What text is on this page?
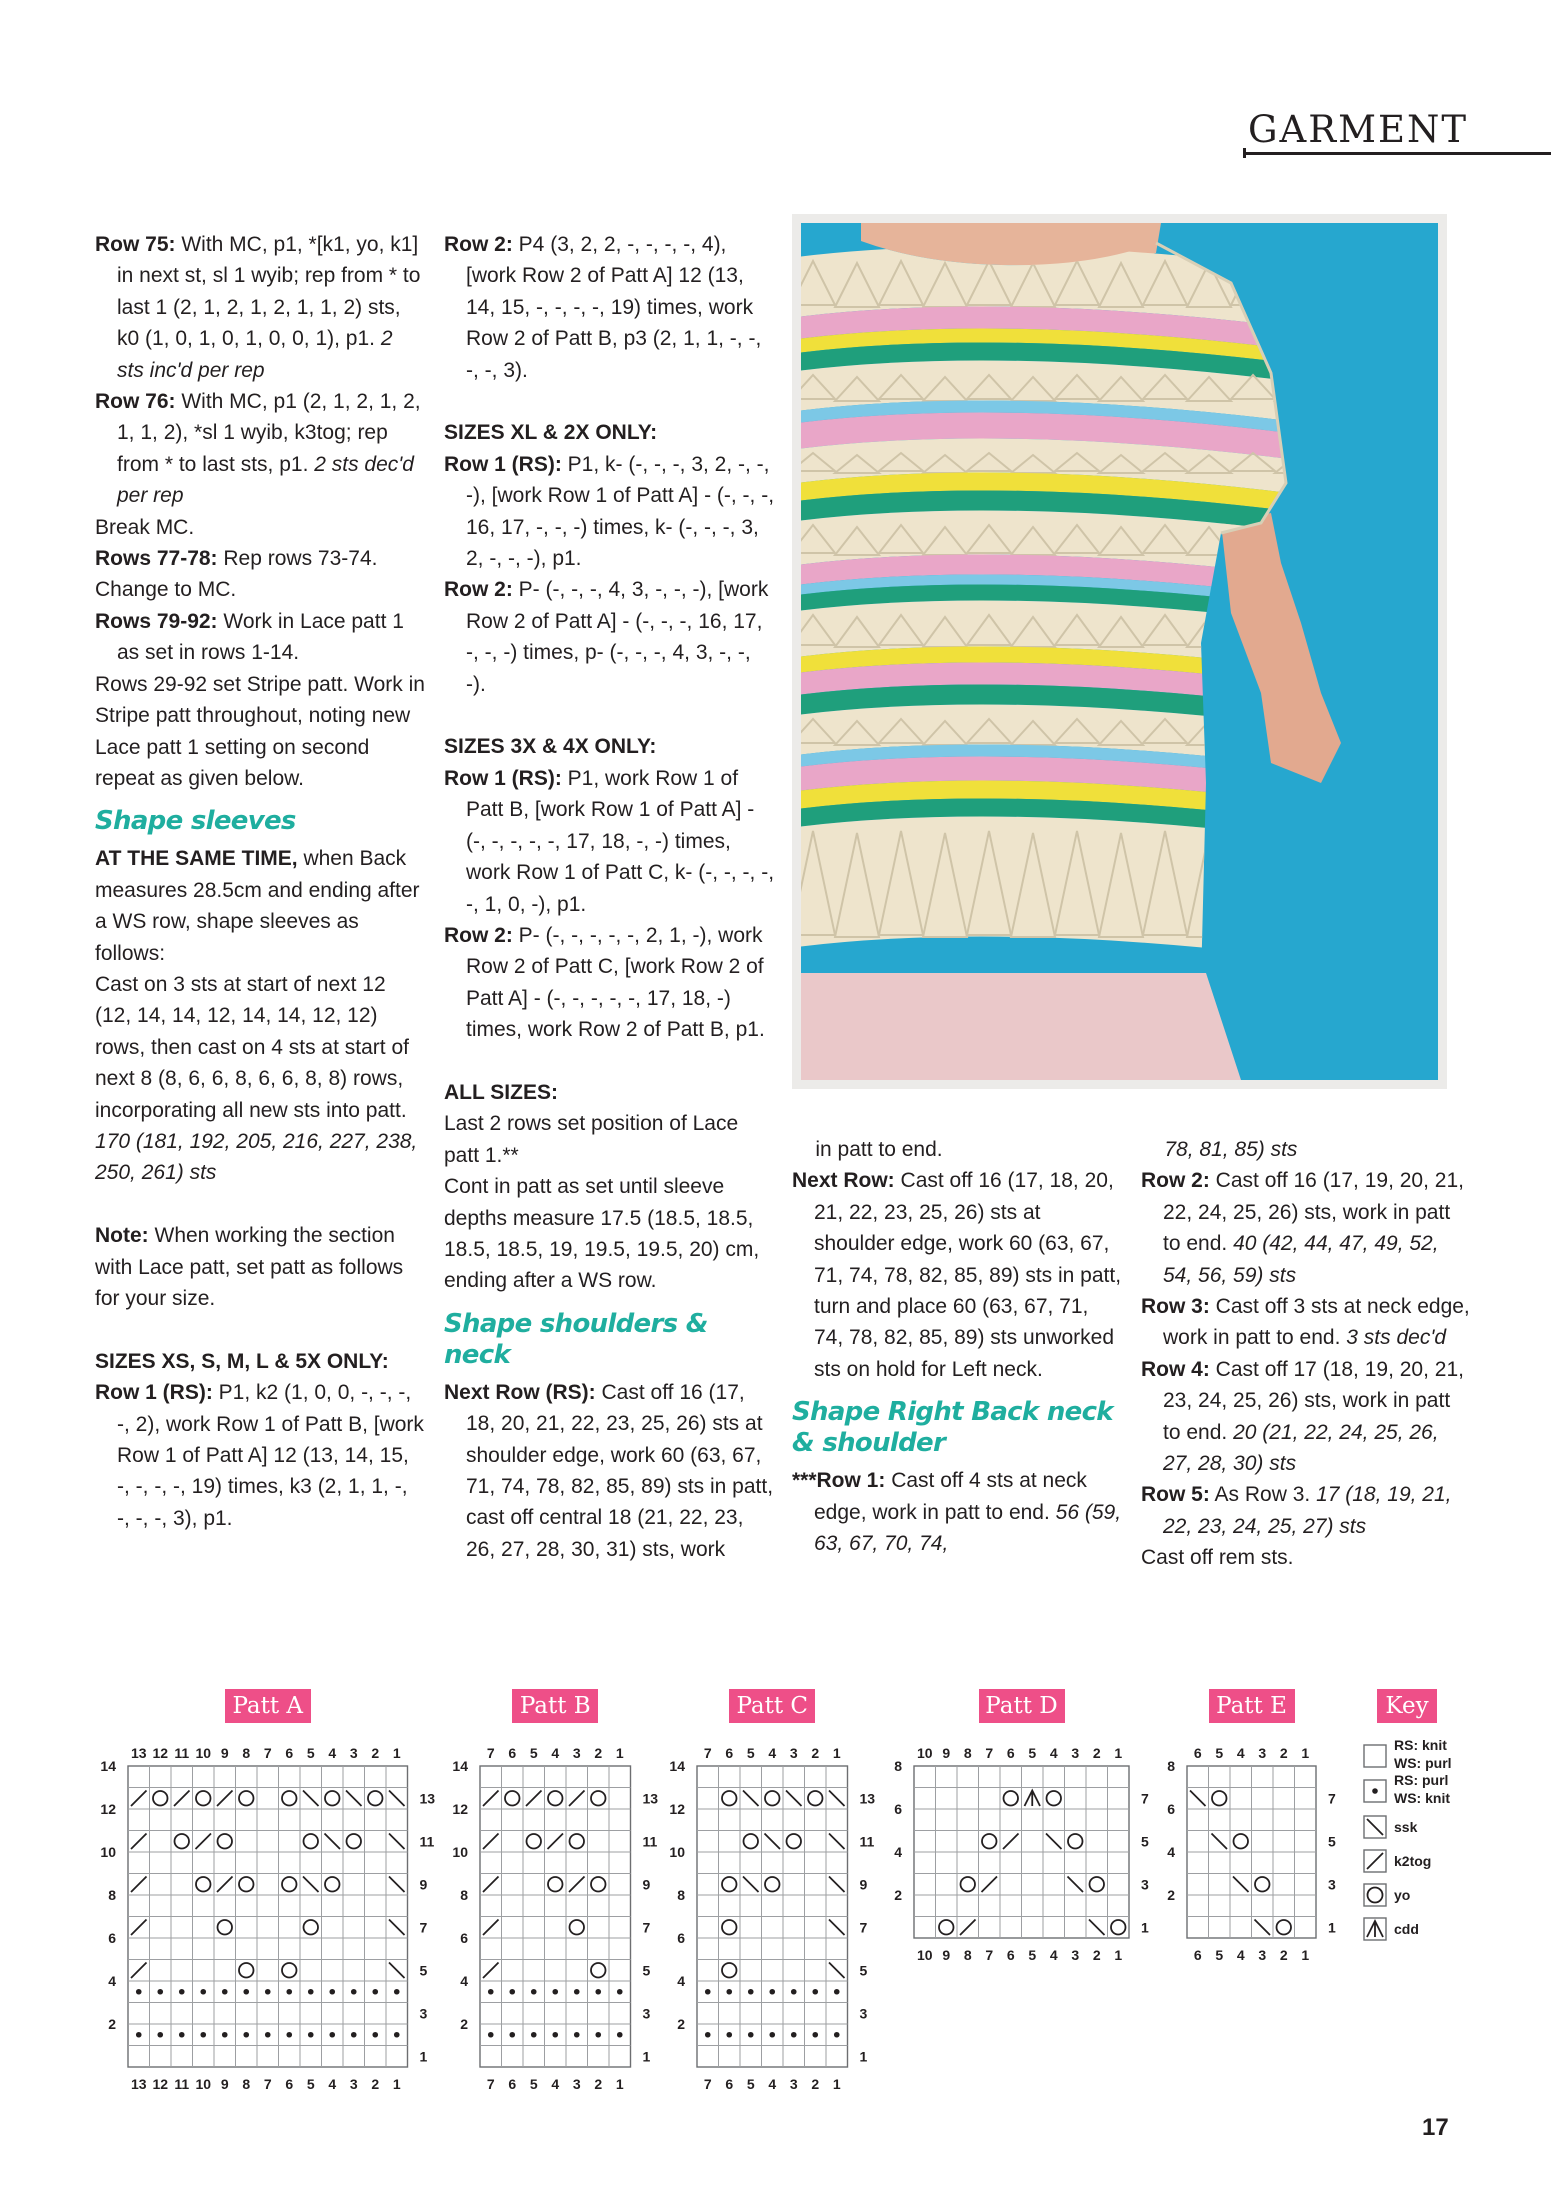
GARMENT

Row 75: With MC, p1, *[k1, yo, k1] in next st, sl 1 wyib; rep from * to last 1 (2, 1, 2, 1, 2, 1, 1, 2) sts, k0 (1, 0, 1, 0, 1, 0, 0, 1), p1. 2 sts inc'd per rep

Row 76: With MC, p1 (2, 1, 2, 1, 2, 1, 1, 2), *sl 1 wyib, k3tog; rep from * to last sts, p1. 2 sts dec'd per rep

Break MC.

Rows 77-78: Rep rows 73-74.

Change to MC.

Rows 79-92: Work in Lace patt 1 as set in rows 1-14.

Rows 29-92 set Stripe patt. Work in Stripe patt throughout, noting new Lace patt 1 setting on second repeat as given below.

Shape sleeves

AT THE SAME TIME, when Back measures 28.5cm and ending after a WS row, shape sleeves as follows:

Cast on 3 sts at start of next 12 (12, 14, 14, 12, 14, 14, 12, 12) rows, then cast on 4 sts at start of next 8 (8, 6, 6, 8, 6, 6, 8, 8) rows, incorporating all new sts into patt. 170 (181, 192, 205, 216, 227, 238, 250, 261) sts

Note: When working the section with Lace patt, set patt as follows for your size.

SIZES XS, S, M, L & 5X ONLY:

Row 1 (RS): P1, k2 (1, 0, 0, -, -, -, -, 2), work Row 1 of Patt B, [work Row 1 of Patt A] 12 (13, 14, 15, -, -, -, -, 19) times, k3 (2, 1, 1, -, -, -, -, 3), p1.

Row 2: P4 (3, 2, 2, -, -, -, -, 4), [work Row 2 of Patt A] 12 (13, 14, 15, -, -, -, -, 19) times, work Row 2 of Patt B, p3 (2, 1, 1, -, -, -, -, 3).

SIZES XL & 2X ONLY:

Row 1 (RS): P1, k- (-, -, -, 3, 2, -, -, -), [work Row 1 of Patt A] - (-, -, -, 16, 17, -, -, -) times, k- (-, -, -, 3, 2, -, -, -), p1.

Row 2: P- (-, -, -, 4, 3, -, -, -), [work Row 2 of Patt A] - (-, -, -, 16, 17, -, -, -) times, p- (-, -, -, 4, 3, -, -, -).

SIZES 3X & 4X ONLY:

Row 1 (RS): P1, work Row 1 of Patt B, [work Row 1 of Patt A] - (-, -, -, -, -, 17, 18, -, -) times, work Row 1 of Patt C, k- (-, -, -, -, -, 1, 0, -), p1.

Row 2: P- (-, -, -, -, -, 2, 1, -), work Row 2 of Patt C, [work Row 2 of Patt A] - (-, -, -, -, -, 17, 18, -) times, work Row 2 of Patt B, p1.

ALL SIZES:

Last 2 rows set position of Lace patt 1.**

Cont in patt as set until sleeve depths measure 17.5 (18.5, 18.5, 18.5, 18.5, 19, 19.5, 19.5, 20) cm, ending after a WS row.

Shape shoulders & neck

Next Row (RS): Cast off 16 (17, 18, 20, 21, 22, 23, 25, 26) sts at shoulder edge, work 60 (63, 67, 71, 74, 78, 82, 85, 89) sts in patt, cast off central 18 (21, 22, 23, 26, 27, 28, 30, 31) sts, work

in patt to end.

Next Row: Cast off 16 (17, 18, 20, 21, 22, 23, 25, 26) sts at shoulder edge, work 60 (63, 67, 71, 74, 78, 82, 85, 89) sts in patt, turn and place 60 (63, 67, 71, 74, 78, 82, 85, 89) sts unworked sts on hold for Left neck.

Shape Right Back neck & shoulder

***Row 1: Cast off 4 sts at neck edge, work in patt to end. 56 (59, 63, 67, 70, 74,

78, 81, 85) sts

Row 2: Cast off 16 (17, 19, 20, 21, 22, 24, 25, 26) sts, work in patt to end. 40 (42, 44, 47, 49, 52, 54, 56, 59) sts

Row 3: Cast off 3 sts at neck edge, work in patt to end. 3 sts dec'd

Row 4: Cast off 17 (18, 19, 20, 21, 23, 24, 25, 26) sts, work in patt to end. 20 (21, 22, 24, 25, 26, 27, 28, 30) sts

Row 5: As Row 3. 17 (18, 19, 21, 22, 23, 24, 25, 27) sts

Cast off rem sts.

13 12 11 10 9 8 7 6 5 4 3 2 1
13 12 11 10 9 8 7 6 5 4 3 2 1
14
12
10
8
6
4
2
13
11
9
7
5
3
1
7 6 5 4 3 2 1
7 6 5 4 3 2 1
14
12
10
8
6
4
2
13
11
9
7
5
3
1
7 6 5 4 3 2 1
7 6 5 4 3 2 1
14
12
10
8
6
4
2
13
11
9
7
5
3
1
10 9 8 7 6 5 4 3 2 1
10 9 8 7 6 5 4 3 2 1
8
6
4
2
7
5
3
1
6 5 4 3 2 1
6 5 4 3 2 1
8
6
4
2
7
5
3
1
RS: knit
WS: purl
RS: purl
WS: knit
ssk
k2tog
yo
cdd
17
Patt A	Patt B	Patt C	Patt D	Patt E	Key
